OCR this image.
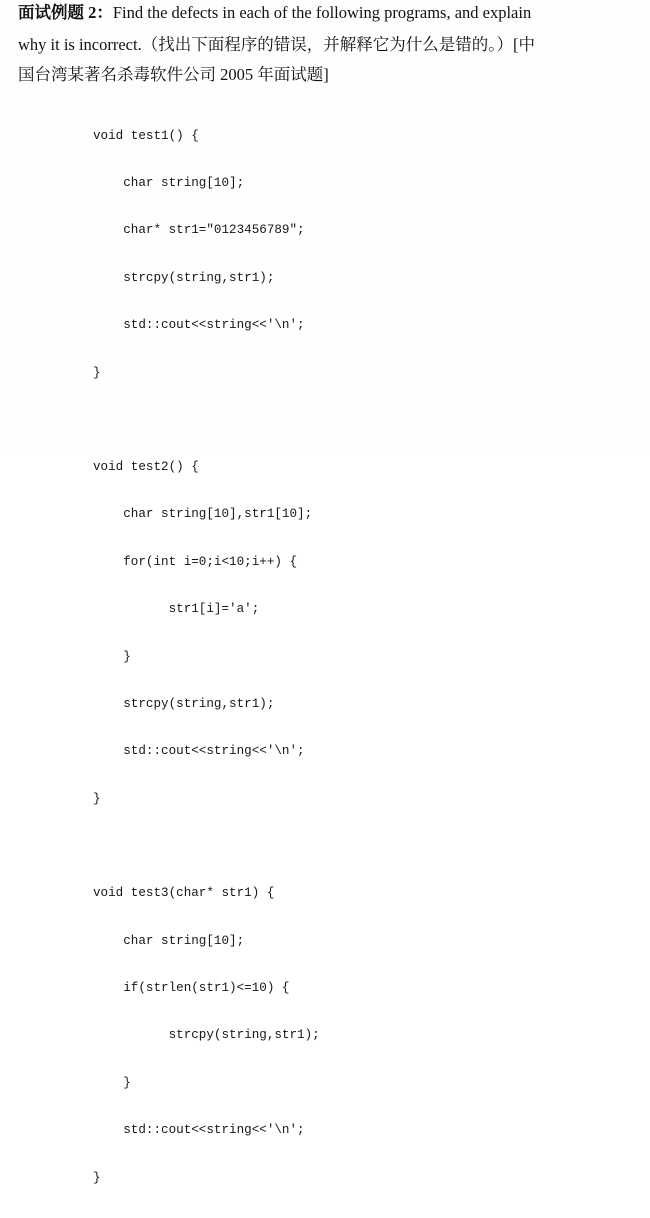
面试例题 2：Find the defects in each of the following programs, and explain
why it is incorrect.（找出下面程序的错误，并解释它为什么是错的。）[中
国台湾某著名杀毒软件公司 2005 年面试题]

void test1() {

char string[10];

char* str1="0123456789";

strcpy(string,str1);

std::cout<<string<<'\n';

}

void test2() {

char string[10],str1[10];

for(int i=0;i<10;i++) {

str1[i]='a';

}

strcpy(string,str1);

std::cout<<string<<'\n';

}

void test3(char* str1) {

char string[10];

if(strlen(str1)<=10) {

strcpy(string,str1);

}

std::cout<<string<<'\n';

}
